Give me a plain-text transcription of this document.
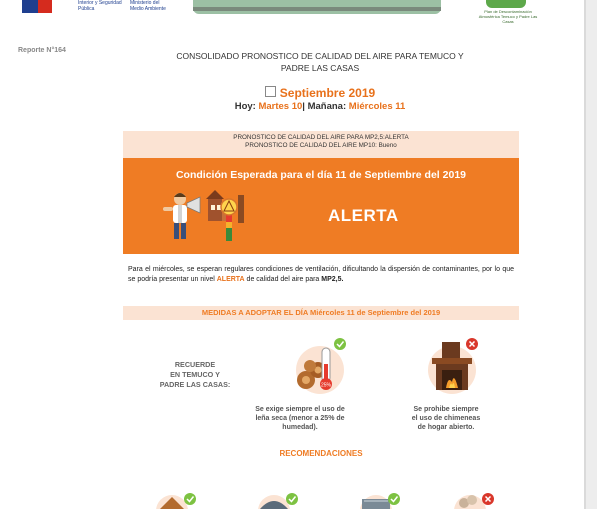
Interior y Seguridad Pública
Ministerio del Medio Ambiente	Plan de Descontaminación Atmosférica Temuco y Padre Las Casas
Reporte N°164
CONSOLIDADO PRONOSTICO DE CALIDAD DEL AIRE PARA TEMUCO Y
PADRE LAS CASAS
Septiembre 2019
Hoy: Martes 10| Mañana: Miércoles 11
PRONOSTICO DE CALIDAD DEL AIRE PARA MP2,5:ALERTA
PRONOSTICO DE CALIDAD DEL AIRE MP10: Bueno
Condición Esperada para el día 11 de Septiembre del 2019
ALERTA
Para el miércoles, se esperan regulares condiciones de ventilación, dificultando la dispersión de contaminantes, por lo que se podría presentar un nivel ALERTA de calidad del aire para MP2,5.
MEDIDAS A ADOPTAR EL DÍA Miércoles 11 de Septiembre del 2019
RECUERDE
EN TEMUCO Y
PADRE LAS CASAS:	25%
Se exige siempre el uso de
leña seca (menor a 25% de
humedad).
Se prohibe siempre
el uso de chimeneas
de hogar abierto.
RECOMENDACIONES
